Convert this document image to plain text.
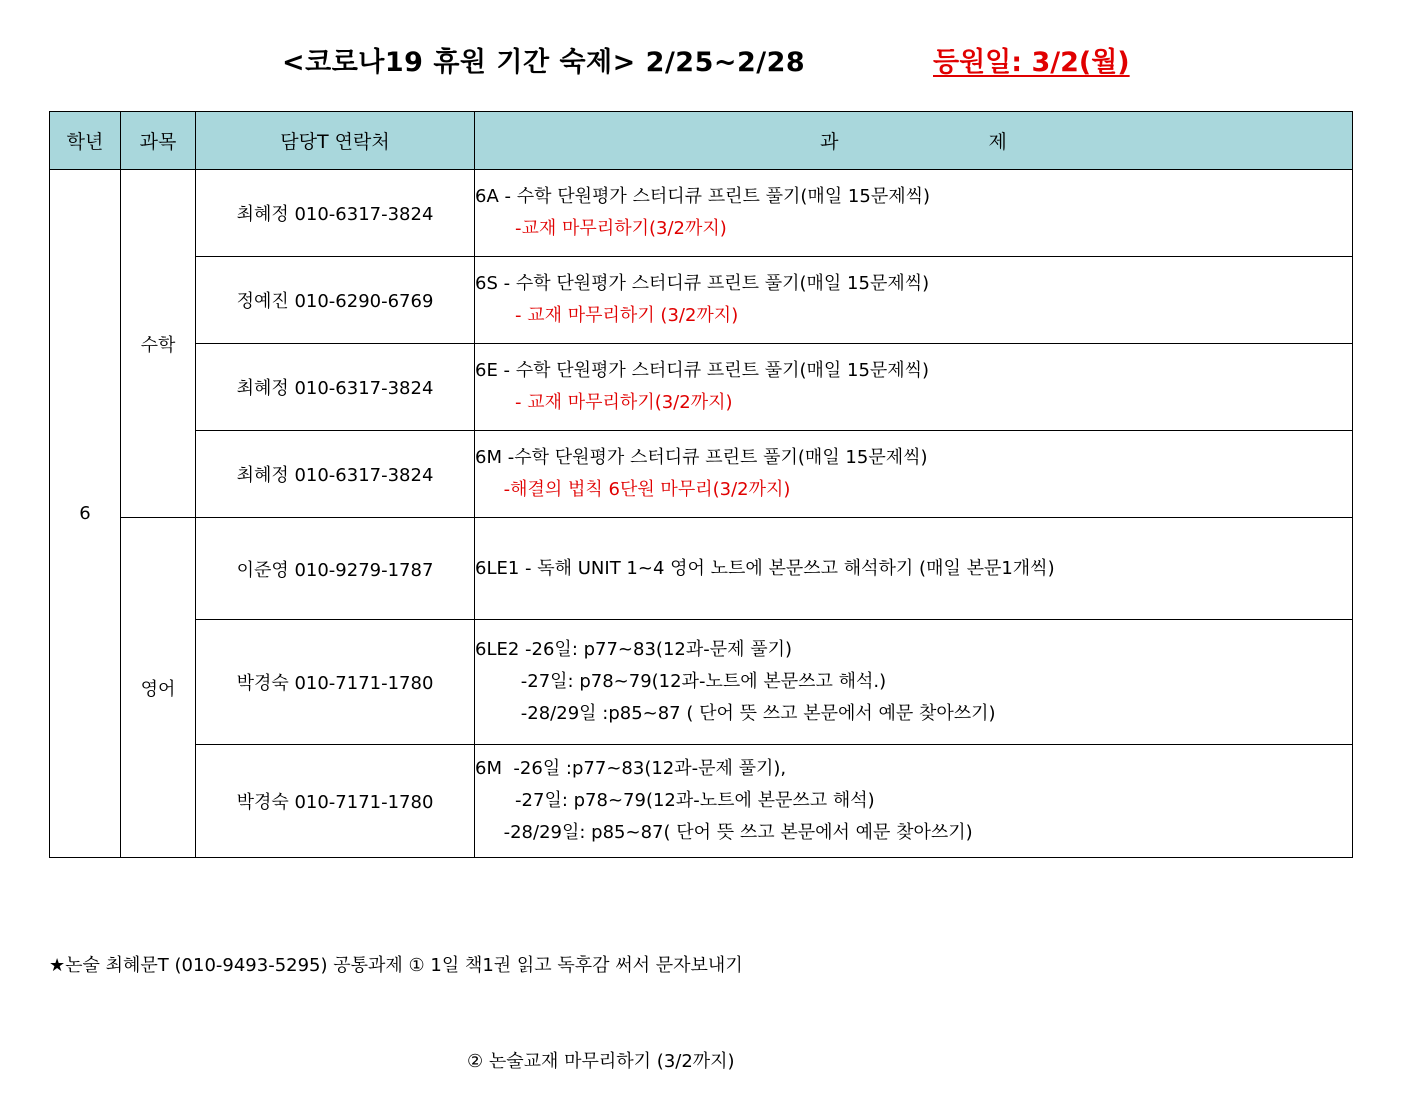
<코로나19 휴원 기간 숙제> 2/25~2/28	등원일: 3/2(월)
학년	과목	담당T 연락처	과 제
6	수학	최혜정 010-6317-3824	6A - 수학 단원평가 스터디큐 프린트 풀기(매일 15문제씩)
-교재 마무리하기(3/2까지)

		정예진 010-6290-6769	6S - 수학 단원평가 스터디큐 프린트 풀기(매일 15문제씩)
- 교재 마무리하기 (3/2까지)

		최혜정 010-6317-3824	6E - 수학 단원평가 스터디큐 프린트 풀기(매일 15문제씩)
- 교재 마무리하기(3/2까지)

		최혜정 010-6317-3824	6M -수학 단원평가 스터디큐 프린트 풀기(매일 15문제씩)
-해결의 법칙 6단원 마무리(3/2까지)

	영어	이준영 010-9279-1787	6LE1 - 독해 UNIT 1~4 영어 노트에 본문쓰고 해석하기 (매일 본문1개씩)

		박경숙 010-7171-1780	6LE2 -26일: p77~83(12과-문제 풀기)
-27일: p78~79(12과-노트에 본문쓰고 해석.)
-28/29일 :p85~87 ( 단어 뜻 쓰고 본문에서 예문 찾아쓰기)

		박경숙 010-7171-1780	6M  -26일 :p77~83(12과-문제 풀기),
-27일: p78~79(12과-노트에 본문쓰고 해석)
-28/29일: p85~87( 단어 뜻 쓰고 본문에서 예문 찾아쓰기)

★논술 최혜문T (010-9493-5295) 공통과제 ① 1일 책1권 읽고 독후감 써서 문자보내기

② 논술교재 마무리하기 (3/2까지)
